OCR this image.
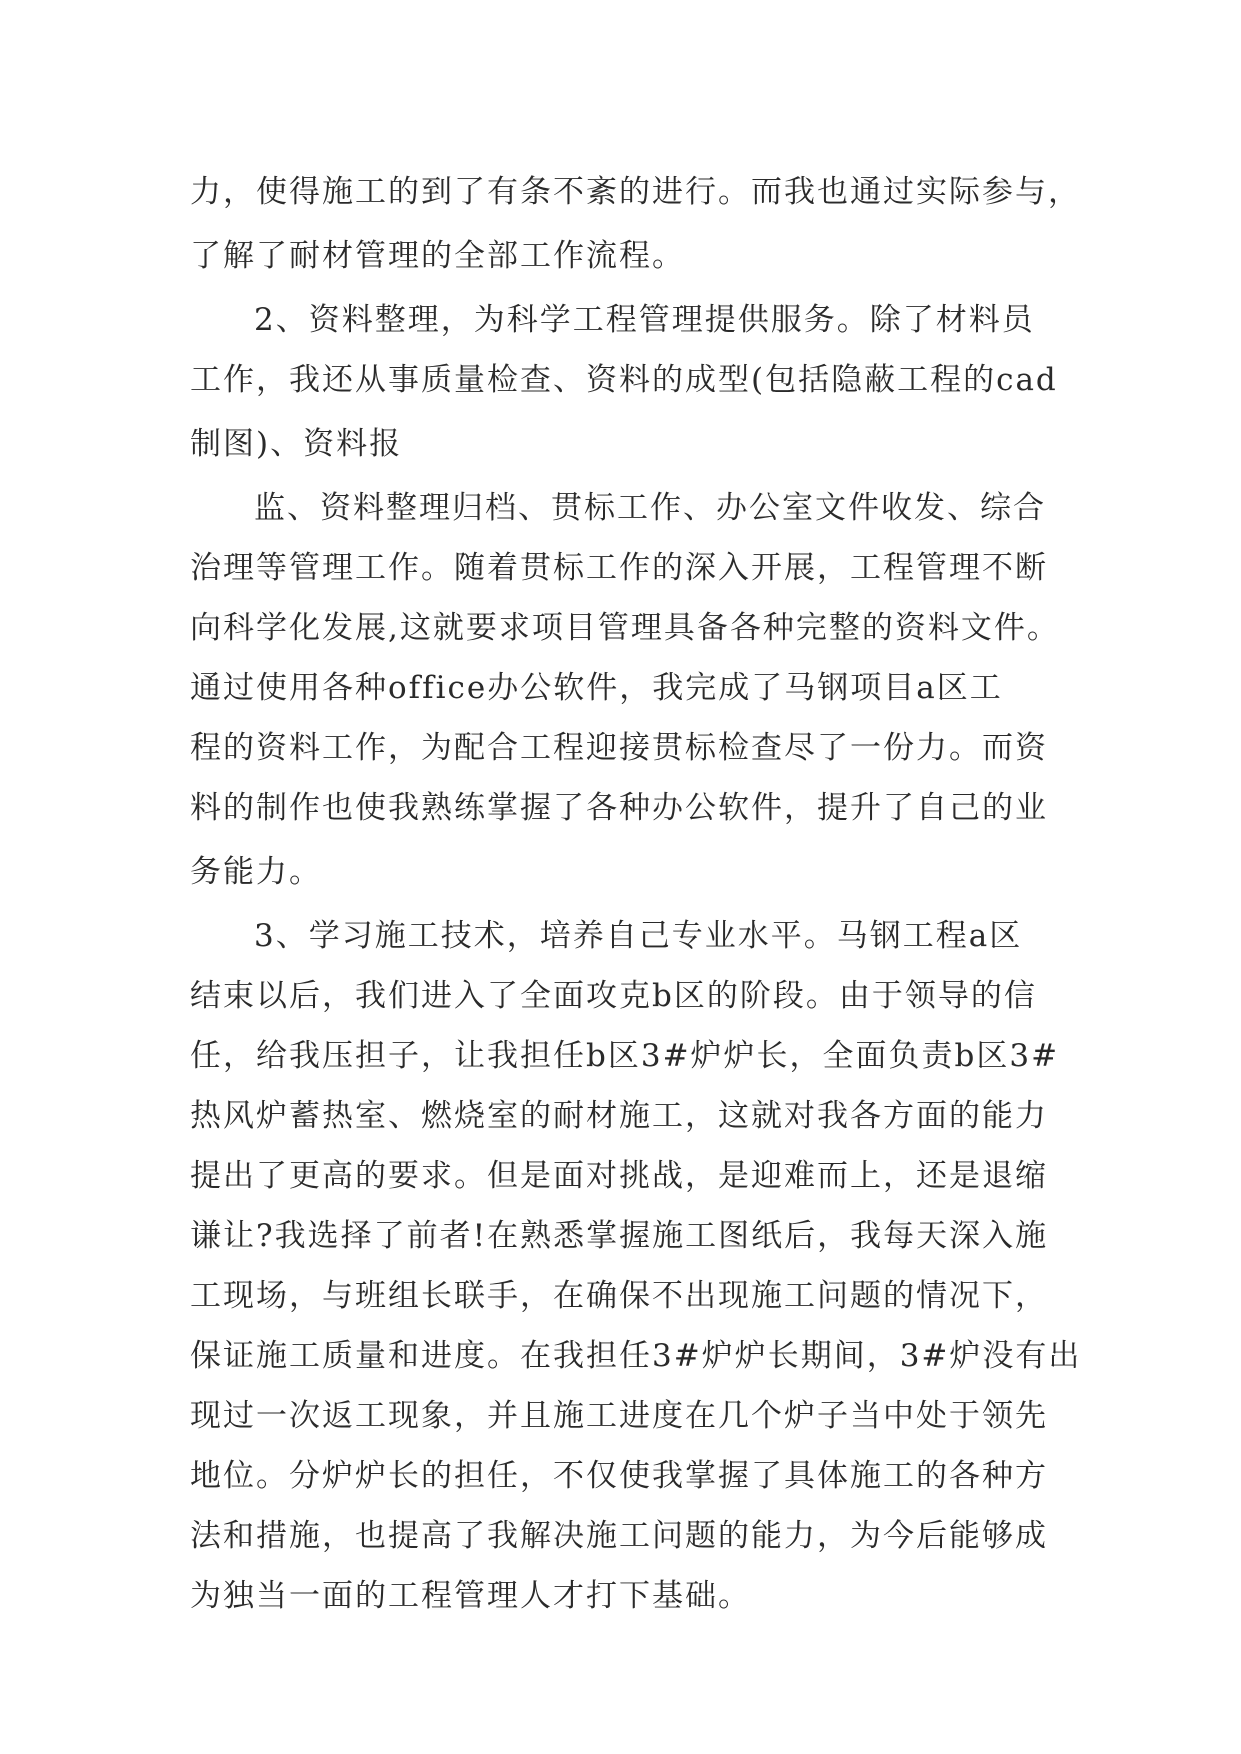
力，使得施工的到了有条不紊的进行。而我也通过实际参与，
了解了耐材管理的全部工作流程。
2、资料整理，为科学工程管理提供服务。除了材料员
工作，我还从事质量检查、资料的成型(包括隐蔽工程的cad
制图)、资料报
监、资料整理归档、贯标工作、办公室文件收发、综合
治理等管理工作。随着贯标工作的深入开展，工程管理不断
向科学化发展,这就要求项目管理具备各种完整的资料文件。
通过使用各种office办公软件，我完成了马钢项目a区工
程的资料工作，为配合工程迎接贯标检查尽了一份力。而资
料的制作也使我熟练掌握了各种办公软件，提升了自己的业
务能力。
3、学习施工技术，培养自己专业水平。马钢工程a区
结束以后，我们进入了全面攻克b区的阶段。由于领导的信
任，给我压担子，让我担任b区3#炉炉长，全面负责b区3#
热风炉蓄热室、燃烧室的耐材施工，这就对我各方面的能力
提出了更高的要求。但是面对挑战，是迎难而上，还是退缩
谦让?我选择了前者!在熟悉掌握施工图纸后，我每天深入施
工现场，与班组长联手，在确保不出现施工问题的情况下，
保证施工质量和进度。在我担任3#炉炉长期间，3#炉没有出
现过一次返工现象，并且施工进度在几个炉子当中处于领先
地位。分炉炉长的担任，不仅使我掌握了具体施工的各种方
法和措施，也提高了我解决施工问题的能力，为今后能够成
为独当一面的工程管理人才打下基础。
